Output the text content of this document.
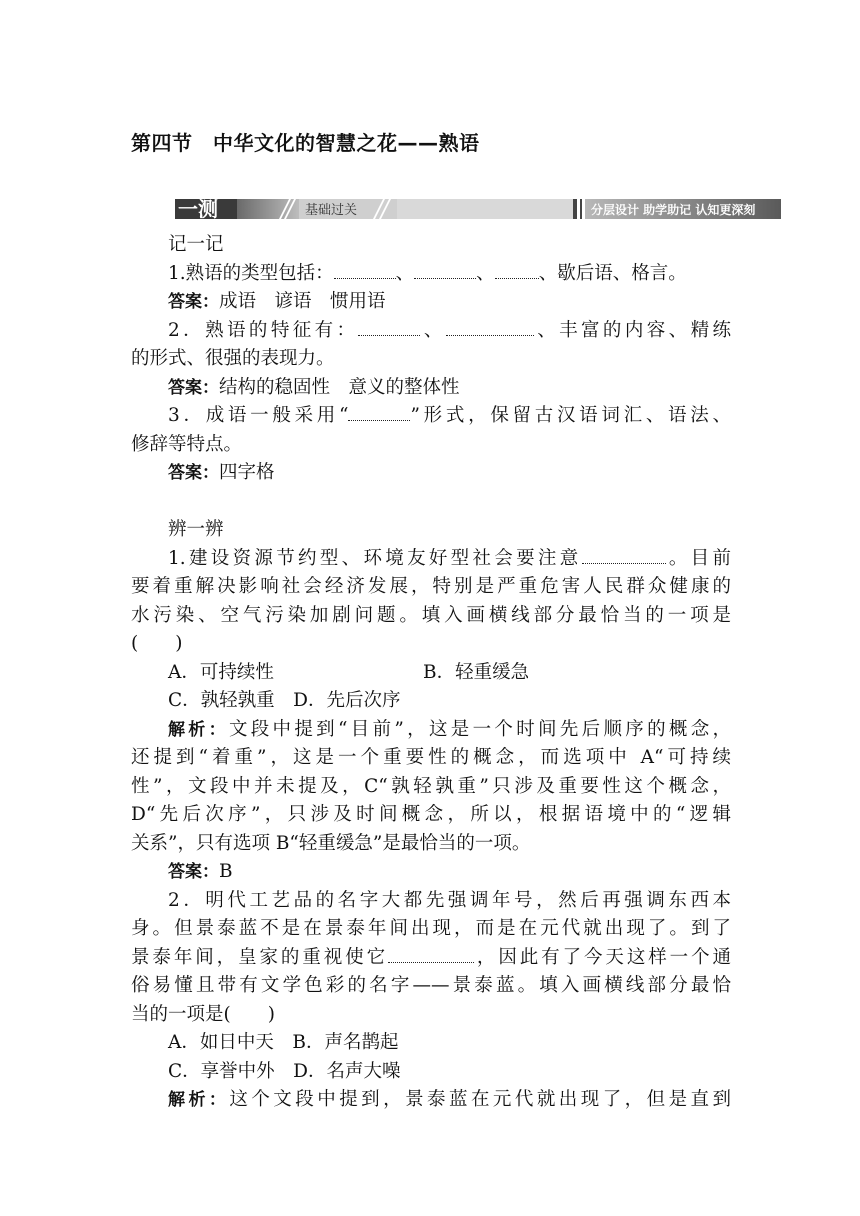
第四节　中华文化的智慧之花——熟语
一测	基础过关	分层设计 助学助记 认知更深刻

记一记

1.熟语的类型包括：	、	、 、歇后语、格言。

答案：成语　谚语　惯用语

2．熟语的特征有：	、	、丰富的内容、精练

的形式、很强的表现力。

答案：结构的稳固性　意义的整体性

3．成语一般采用“	”形式，保留古汉语词汇、语法、

修辞等特点。

答案：四字格

辨一辨

1.建设资源节约型、环境友好型社会要注意	。目前

要着重解决影响社会经济发展，特别是严重危害人民群众健康的

水污染、空气污染加剧问题。填入画横线部分最恰当的一项是

(　　)

A．可持续性	B．轻重缓急

C．孰轻孰重　 D．先后次序

解析：文段中提到“目前”，这是一个时间先后顺序的概念，

还提到“着重”，这是一个重要性的概念，而选项中 A“可持续

性”，文段中并未提及，C“孰轻孰重”只涉及重要性这个概念，

D“先后次序”，只涉及时间概念，所以，根据语境中的“逻辑

关系”，只有选项 B“轻重缓急”是最恰当的一项。

答案：B

2．明代工艺品的名字大都先强调年号，然后再强调东西本

身。但景泰蓝不是在景泰年间出现，而是在元代就出现了。到了

景泰年间，皇家的重视使它	，因此有了今天这样一个通

俗易懂且带有文学色彩的名字——景泰蓝。填入画横线部分最恰

当的一项是(　　)

A．如日中天　 B．声名鹊起

C．享誉中外　 D．名声大噪

解析：这个文段中提到，景泰蓝在元代就出现了，但是直到
